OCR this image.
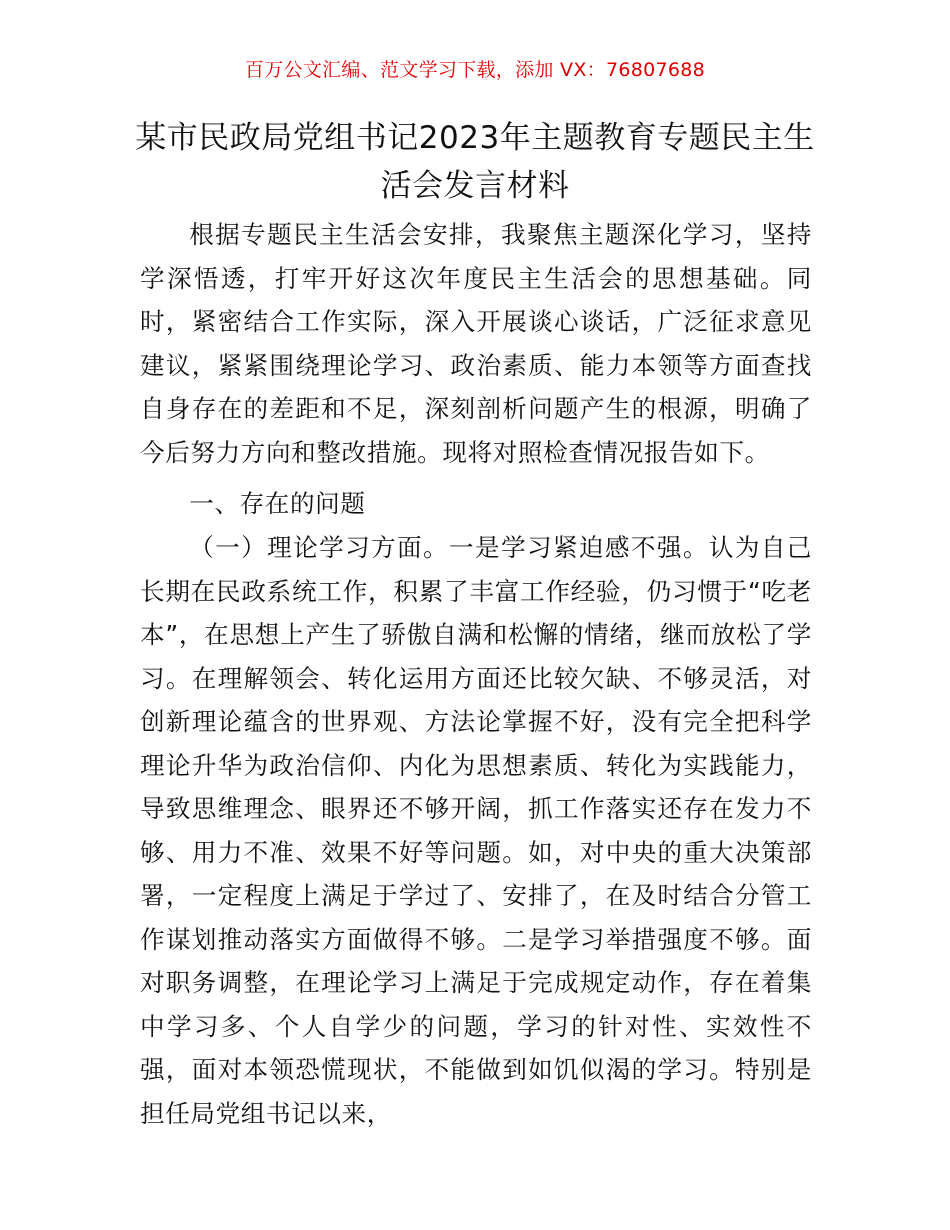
百万公文汇编、范文学习下载，添加 VX：76807688
某市民政局党组书记2023年主题教育专题民主生活会发言材料

根据专题民主生活会安排，我聚焦主题深化学习，坚持学深悟透，打牢开好这次年度民主生活会的思想基础。同时，紧密结合工作实际，深入开展谈心谈话，广泛征求意见建议，紧紧围绕理论学习、政治素质、能力本领等方面查找自身存在的差距和不足，深刻剖析问题产生的根源，明确了今后努力方向和整改措施。现将对照检查情况报告如下。

一、存在的问题

（一）理论学习方面。一是学习紧迫感不强。认为自己长期在民政系统工作，积累了丰富工作经验，仍习惯于“吃老本”，在思想上产生了骄傲自满和松懈的情绪，继而放松了学习。在理解领会、转化运用方面还比较欠缺、不够灵活，对创新理论蕴含的世界观、方法论掌握不好，没有完全把科学理论升华为政治信仰、内化为思想素质、转化为实践能力，导致思维理念、眼界还不够开阔，抓工作落实还存在发力不够、用力不准、效果不好等问题。如，对中央的重大决策部署，一定程度上满足于学过了、安排了，在及时结合分管工作谋划推动落实方面做得不够。二是学习举措强度不够。面对职务调整，在理论学习上满足于完成规定动作，存在着集中学习多、个人自学少的问题，学习的针对性、实效性不强，面对本领恐慌现状，不能做到如饥似渴的学习。特别是担任局党组书记以来，
